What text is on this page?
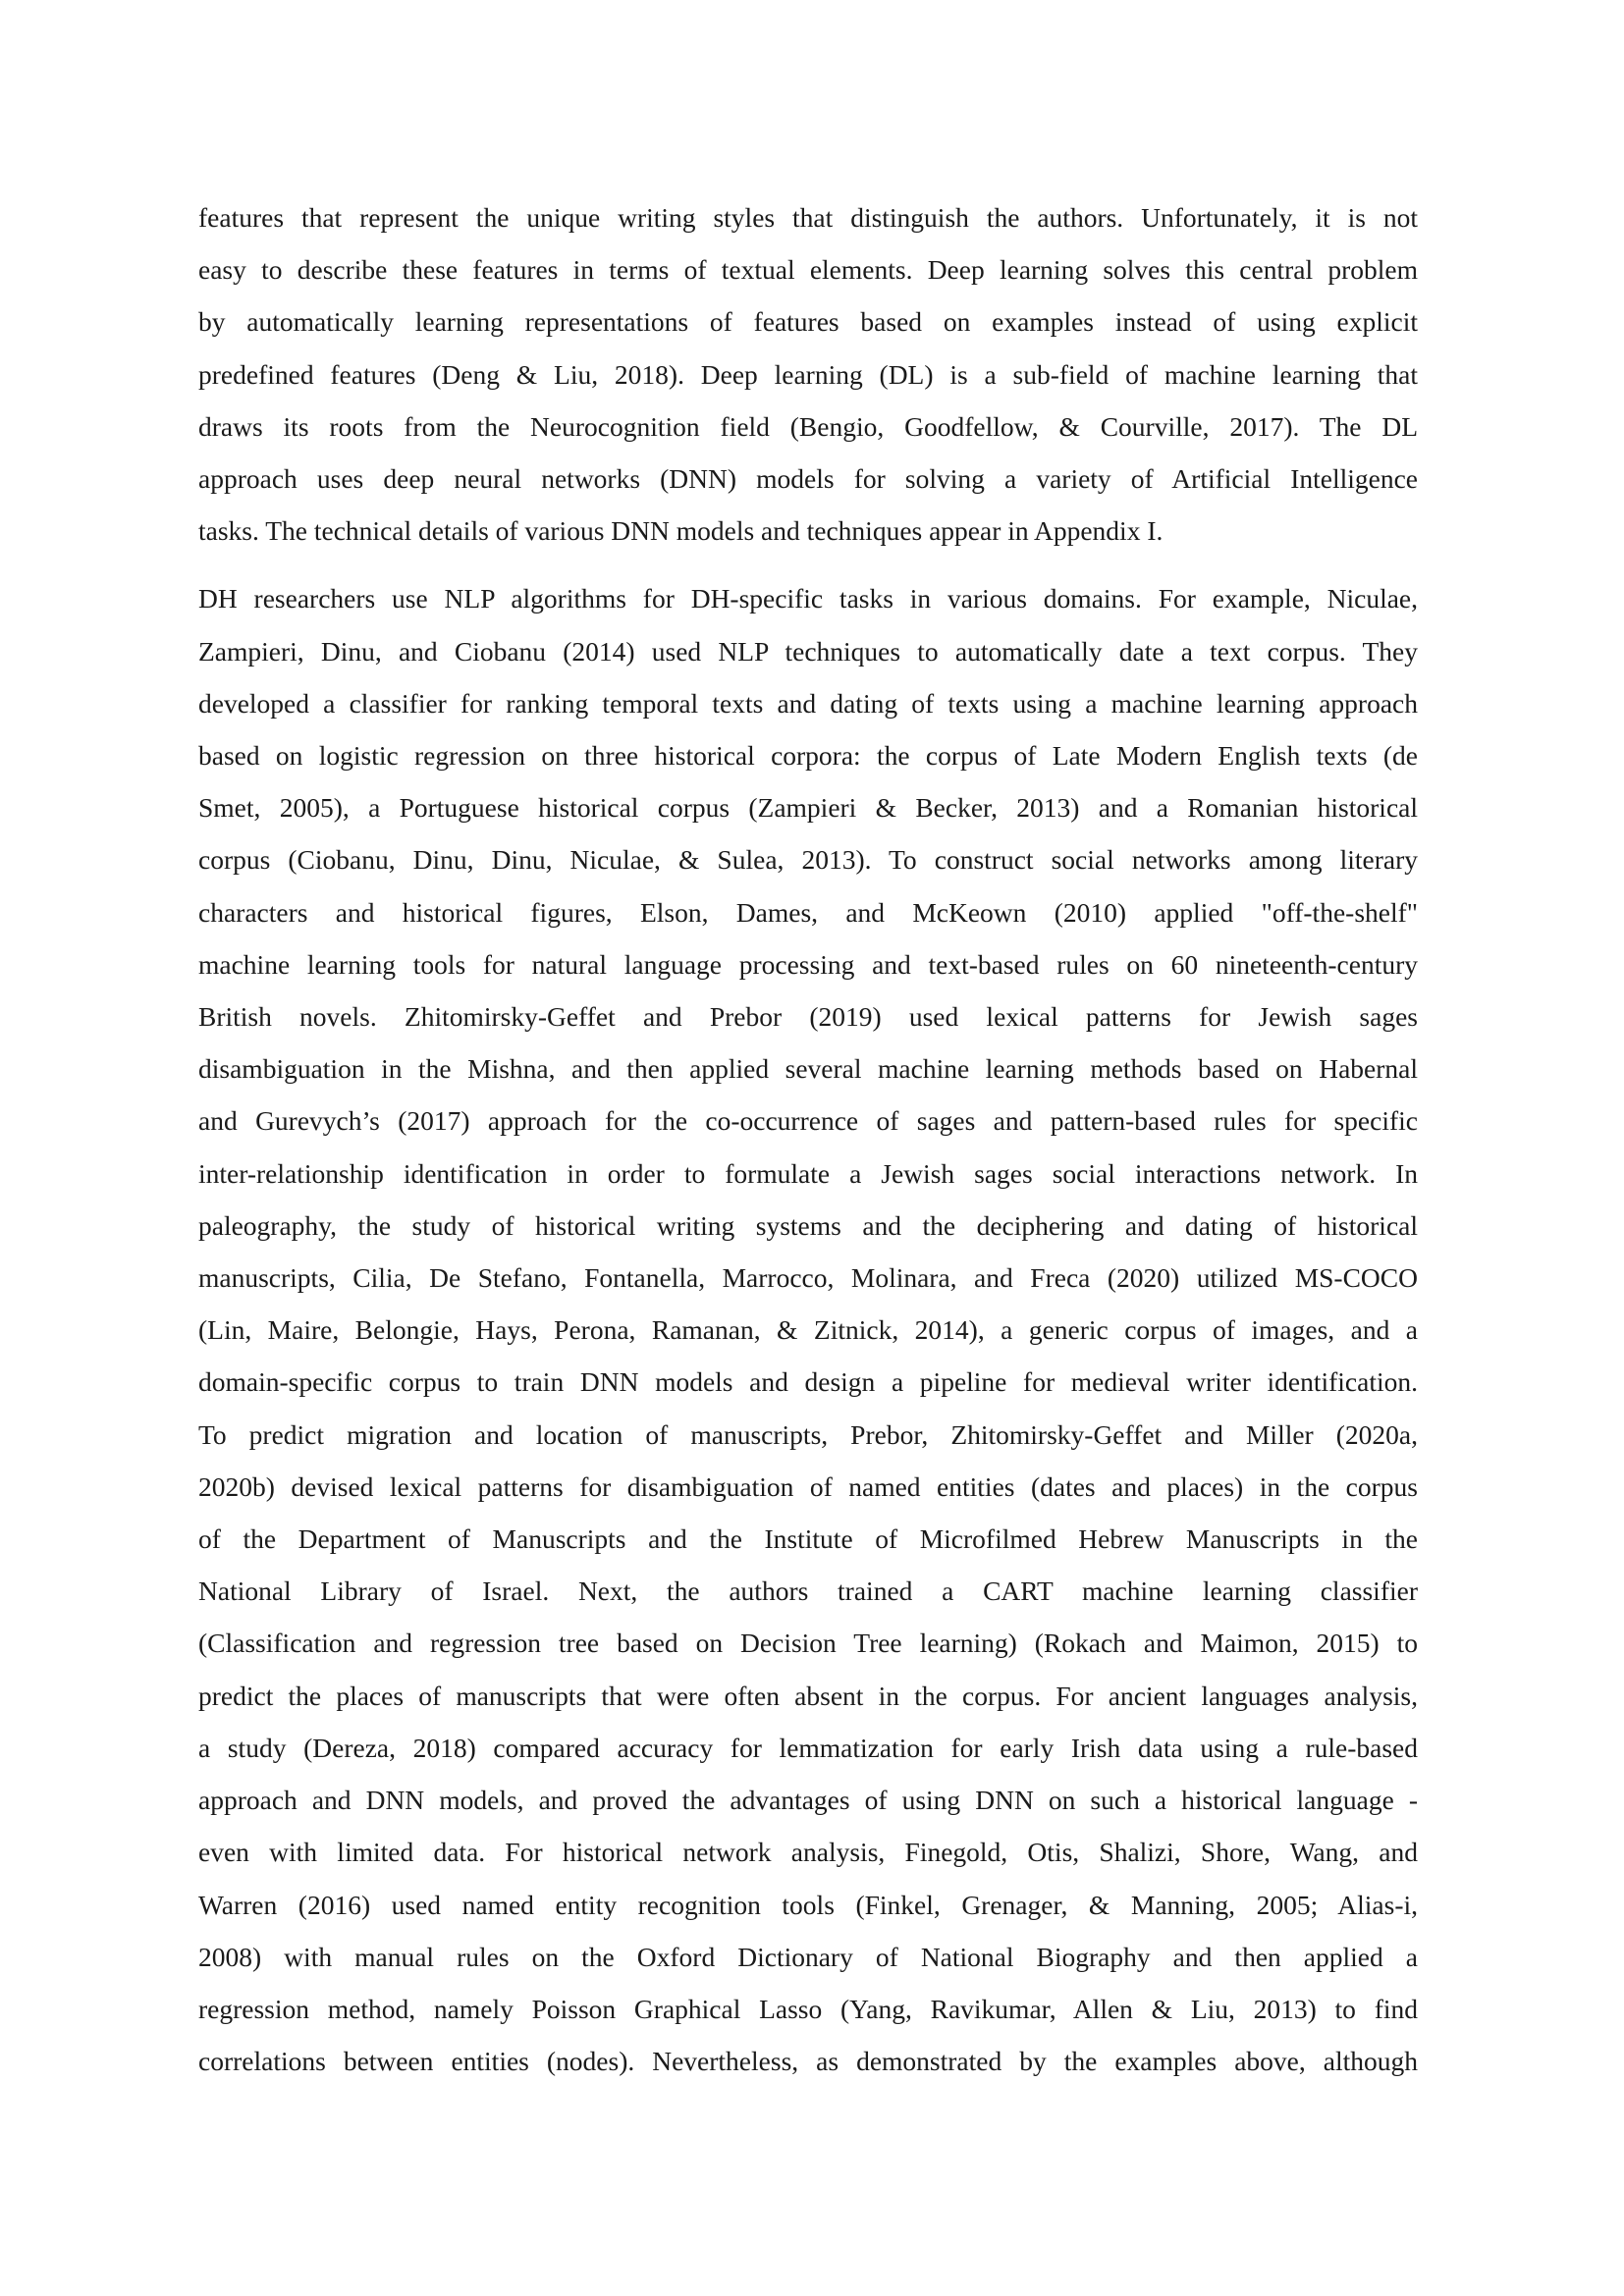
features that represent the unique writing styles that distinguish the authors. Unfortunately, it is not
easy to describe these features in terms of textual elements. Deep learning solves this central problem
by automatically learning representations of features based on examples instead of using explicit
predefined features (Deng & Liu, 2018). Deep learning (DL) is a sub-field of machine learning that
draws its roots from the Neurocognition field (Bengio, Goodfellow, & Courville, 2017). The DL
approach uses deep neural networks (DNN) models for solving a variety of Artificial Intelligence
tasks. The technical details of various DNN models and techniques appear in Appendix I.

DH researchers use NLP algorithms for DH-specific tasks in various domains. For example, Niculae,
Zampieri, Dinu, and Ciobanu (2014) used NLP techniques to automatically date a text corpus. They
developed a classifier for ranking temporal texts and dating of texts using a machine learning approach
based on logistic regression on three historical corpora: the corpus of Late Modern English texts (de
Smet, 2005), a Portuguese historical corpus (Zampieri & Becker, 2013) and a Romanian historical
corpus (Ciobanu, Dinu, Dinu, Niculae, & Sulea, 2013). To construct social networks among literary
characters and historical figures, Elson, Dames, and McKeown (2010) applied "off-the-shelf"
machine learning tools for natural language processing and text-based rules on 60 nineteenth-century
British novels. Zhitomirsky-Geffet and Prebor (2019) used lexical patterns for Jewish sages
disambiguation in the Mishna, and then applied several machine learning methods based on Habernal
and Gurevych’s (2017) approach for the co-occurrence of sages and pattern-based rules for specific
inter-relationship identification in order to formulate a Jewish sages social interactions network. In
paleography, the study of historical writing systems and the deciphering and dating of historical
manuscripts, Cilia, De Stefano, Fontanella, Marrocco, Molinara, and Freca (2020) utilized MS-COCO
(Lin, Maire, Belongie, Hays, Perona, Ramanan, & Zitnick, 2014), a generic corpus of images, and a
domain-specific corpus to train DNN models and design a pipeline for medieval writer identification.
To predict migration and location of manuscripts, Prebor, Zhitomirsky-Geffet and Miller (2020a,
2020b) devised lexical patterns for disambiguation of named entities (dates and places) in the corpus
of the Department of Manuscripts and the Institute of Microfilmed Hebrew Manuscripts in the
National Library of Israel. Next, the authors trained a CART machine learning classifier
(Classification and regression tree based on Decision Tree learning) (Rokach and Maimon, 2015) to
predict the places of manuscripts that were often absent in the corpus. For ancient languages analysis,
a study (Dereza, 2018) compared accuracy for lemmatization for early Irish data using a rule-based
approach and DNN models, and proved the advantages of using DNN on such a historical language -
even with limited data. For historical network analysis, Finegold, Otis, Shalizi, Shore, Wang, and
Warren (2016) used named entity recognition tools (Finkel, Grenager, & Manning, 2005; Alias-i,
2008) with manual rules on the Oxford Dictionary of National Biography and then applied a
regression method, namely Poisson Graphical Lasso (Yang, Ravikumar, Allen & Liu, 2013) to find
correlations between entities (nodes). Nevertheless, as demonstrated by the examples above, although
